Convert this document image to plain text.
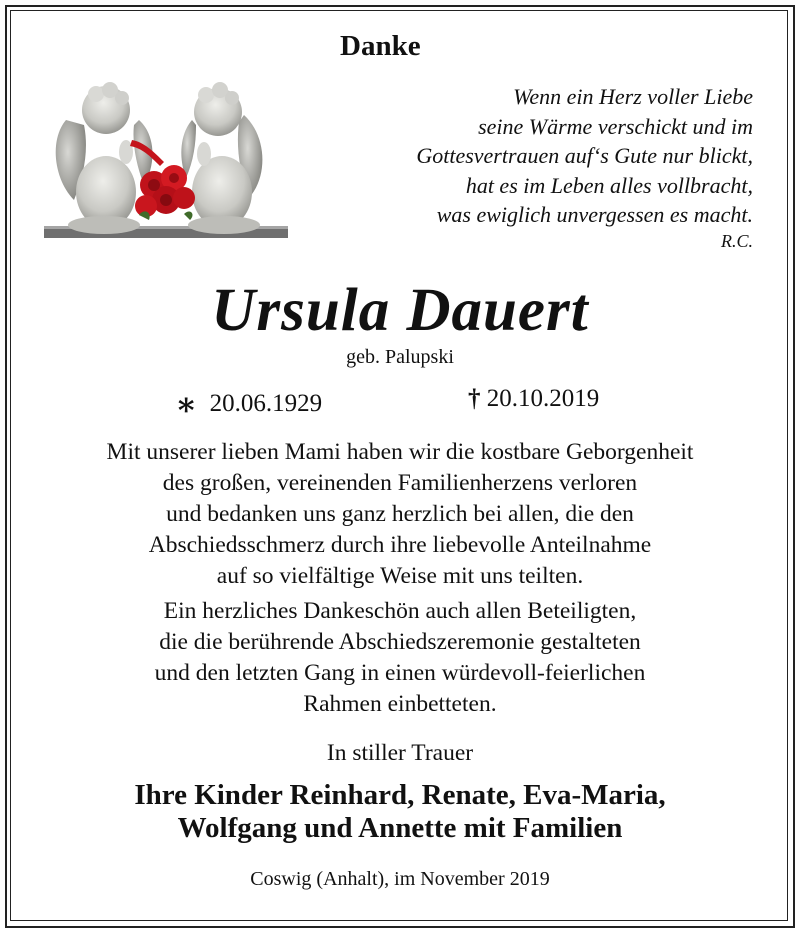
Danke
Wenn ein Herz voller Liebe
seine Wärme verschickt und im
Gottesvertrauen auf‘s Gute nur blickt,
hat es im Leben alles vollbracht,
was ewiglich unvergessen es macht.
R.C.
Ursula Dauert
geb. Palupski
∗ 20.06.1929	† 20.10.2019

Mit unserer lieben Mami haben wir die kostbare Geborgenheit
des großen, vereinenden Familienherzens verloren
und bedanken uns ganz herzlich bei allen, die den
Abschiedsschmerz durch ihre liebevolle Anteilnahme
auf so vielfältige Weise mit uns teilten.

Ein herzliches Dankeschön auch allen Beteiligten,
die die berührende Abschiedszeremonie gestalteten
und den letzten Gang in einen würdevoll-feierlichen
Rahmen einbetteten.

In stiller Trauer
Ihre Kinder Reinhard, Renate, Eva-Maria,
Wolfgang und Annette mit Familien
Coswig (Anhalt), im November 2019
